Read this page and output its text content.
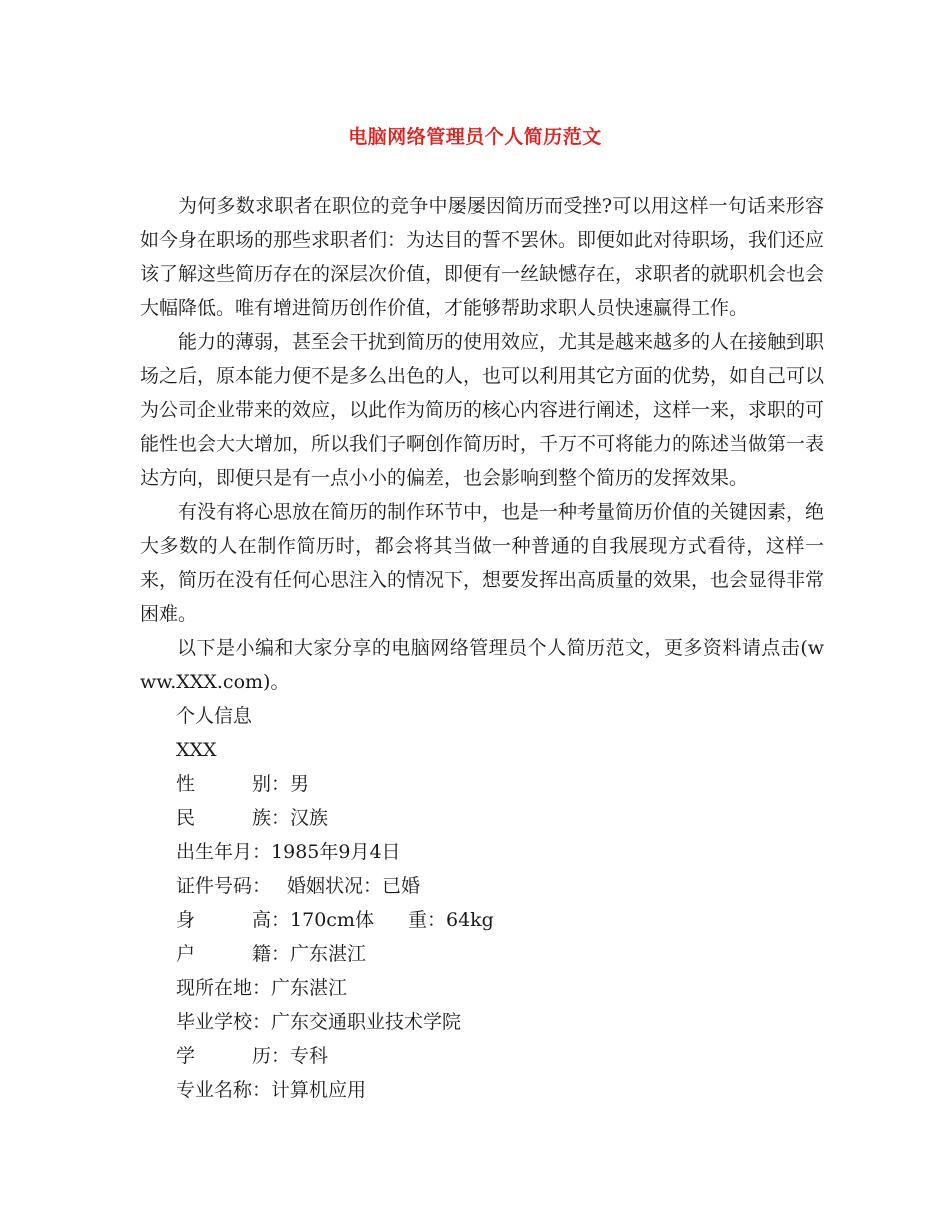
电脑网络管理员个人简历范文

为何多数求职者在职位的竞争中屡屡因简历而受挫?可以用这样一句话来形容如今身在职场的那些求职者们：为达目的誓不罢休。即便如此对待职场，我们还应该了解这些简历存在的深层次价值，即便有一丝缺憾存在，求职者的就职机会也会大幅降低。唯有增进简历创作价值，才能够帮助求职人员快速赢得工作。

能力的薄弱，甚至会干扰到简历的使用效应，尤其是越来越多的人在接触到职场之后，原本能力便不是多么出色的人，也可以利用其它方面的优势，如自己可以为公司企业带来的效应，以此作为简历的核心内容进行阐述，这样一来，求职的可能性也会大大增加，所以我们子啊创作简历时，千万不可将能力的陈述当做第一表达方向，即便只是有一点小小的偏差，也会影响到整个简历的发挥效果。

有没有将心思放在简历的制作环节中，也是一种考量简历价值的关键因素，绝大多数的人在制作简历时，都会将其当做一种普通的自我展现方式看待，这样一来，简历在没有任何心思注入的情况下，想要发挥出高质量的效果，也会显得非常困难。

以下是小编和大家分享的电脑网络管理员个人简历范文，更多资料请点击(www.XXX.com)。

个人信息
XXX
性	别：男
民	族：汉族
出生年月：1985年9月4日
证件号码： 婚姻状况：已婚
身	高：170cm体 重：64kg
户	籍：广东湛江
现所在地：广东湛江
毕业学校：广东交通职业技术学院
学	历：专科
专业名称：计算机应用
